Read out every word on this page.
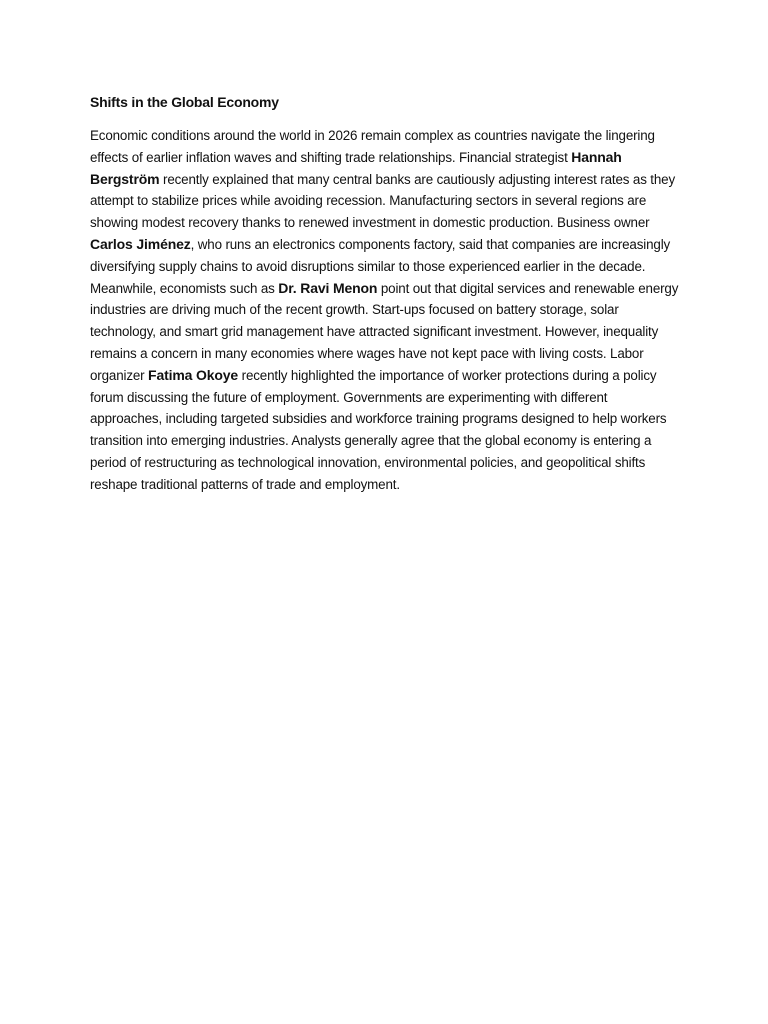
Shifts in the Global Economy

Economic conditions around the world in 2026 remain complex as countries navigate the lingering effects of earlier inflation waves and shifting trade relationships. Financial strategist Hannah Bergström recently explained that many central banks are cautiously adjusting interest rates as they attempt to stabilize prices while avoiding recession. Manufacturing sectors in several regions are showing modest recovery thanks to renewed investment in domestic production. Business owner Carlos Jiménez, who runs an electronics components factory, said that companies are increasingly diversifying supply chains to avoid disruptions similar to those experienced earlier in the decade. Meanwhile, economists such as Dr. Ravi Menon point out that digital services and renewable energy industries are driving much of the recent growth. Start-ups focused on battery storage, solar technology, and smart grid management have attracted significant investment. However, inequality remains a concern in many economies where wages have not kept pace with living costs. Labor organizer Fatima Okoye recently highlighted the importance of worker protections during a policy forum discussing the future of employment. Governments are experimenting with different approaches, including targeted subsidies and workforce training programs designed to help workers transition into emerging industries. Analysts generally agree that the global economy is entering a period of restructuring as technological innovation, environmental policies, and geopolitical shifts reshape traditional patterns of trade and employment.
